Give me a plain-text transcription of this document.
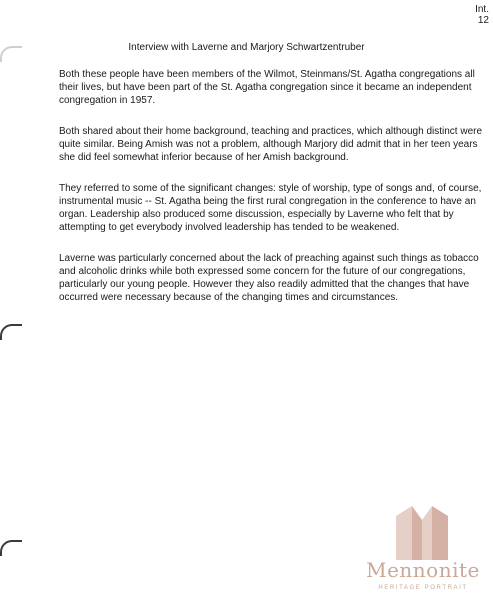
Int.
12
Interview with Laverne and Marjory Schwartzentruber

Both these people have been members of the Wilmot, Steinmans/St. Agatha congregations all their lives, but have been part of the St. Agatha congregation since it became an independent congregation in 1957.

Both shared about their home background, teaching and practices, which although distinct were quite similar. Being Amish was not a problem, although Marjory did admit that in her teen years she did feel somewhat inferior because of her Amish background.

They referred to some of the significant changes: style of worship, type of songs and, of course, instrumental music -- St. Agatha being the first rural congregation in the conference to have an organ. Leadership also produced some discussion, especially by Laverne who felt that by attempting to get everybody involved leadership has tended to be weakened.

Laverne was particularly concerned about the lack of preaching against such things as tobacco and alcoholic drinks while both expressed some concern for the future of our congregations, particularly our young people. However they also readily admitted that the changes that have occurred were necessary because of the changing times and circumstances.

Mennonite
HERITAGE PORTRAIT
